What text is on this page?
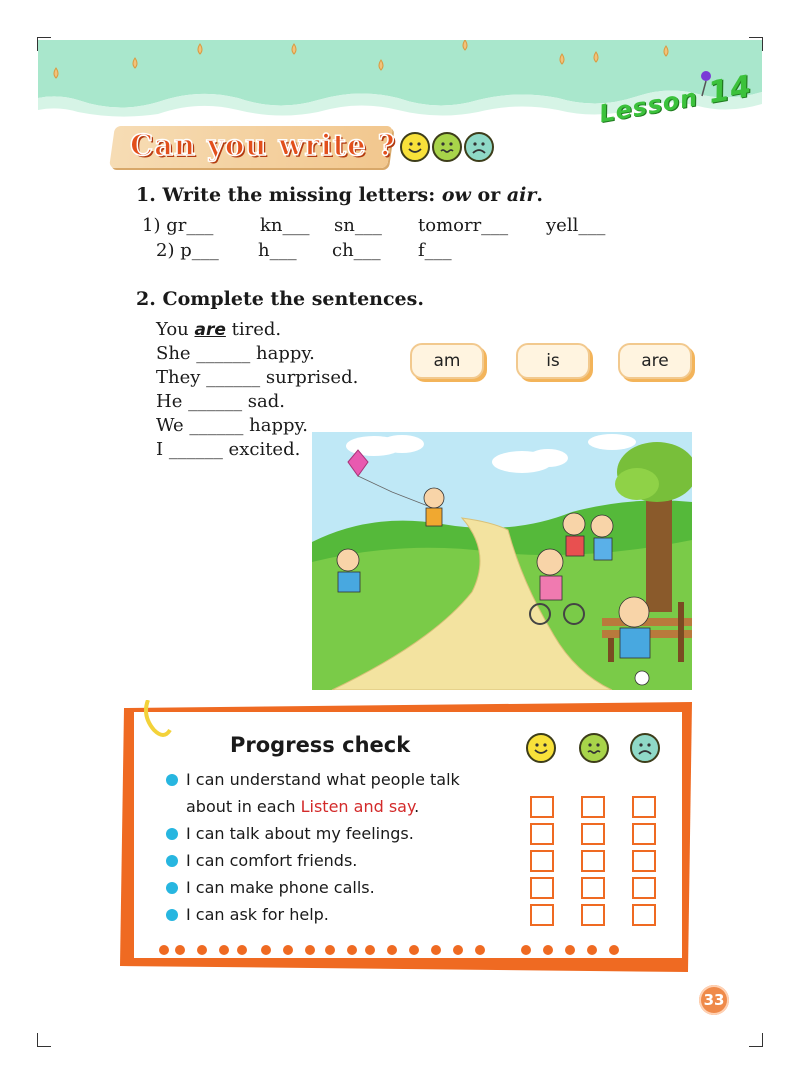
Lesson 14
Can you write ?
1. Write the missing letters: ow or air.
1) gr___	kn___ sn___ tomorr___ yell___
2) p___ h___ ch___ f___
2. Complete the sentences.
You are tired.
She ______ happy.
They ______ surprised.
He ______ sad.
We ______ happy.
I ______ excited.
am	is	are
Progress check
I can understand what people talk
about in each Listen and say.
I can talk about my feelings.
I can comfort friends.
I can make phone calls.
I can ask for help.
33
